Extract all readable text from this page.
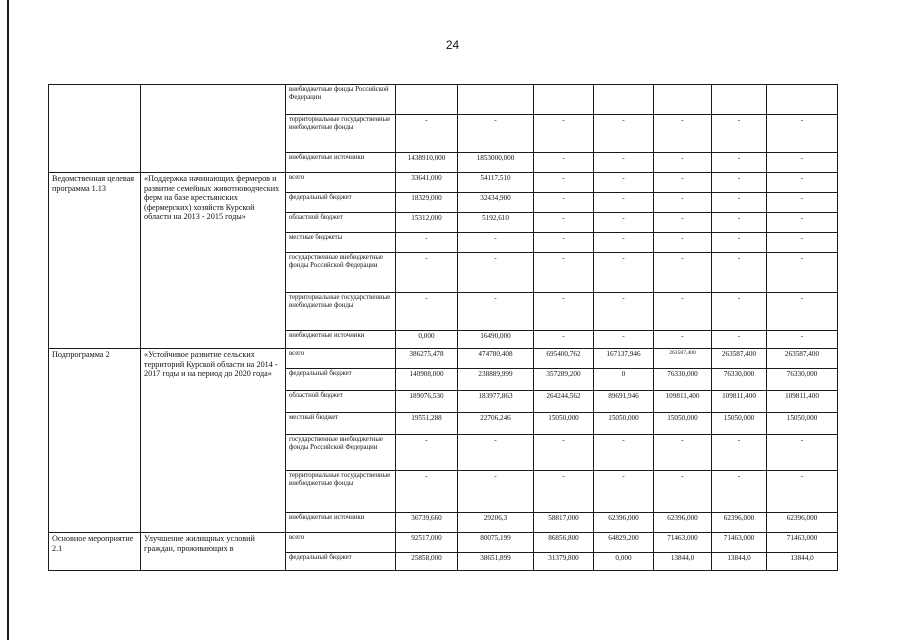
24
		внебюджетные фонды Российской Федерации							
		территориальные государственные внебюджетные фонды	-	-	-	-	-	-	-
		внебюджетные источники	1438910,000	1853000,000	-	-	-	-	-
Ведомственная целевая программа 1.13	«Поддержка начинающих фермеров и развитие семейных животноводческих ферм на базе крестьянских (фермерских) хозяйств Курской области на 2013 - 2015 годы»	всего	33641,000	54117,510	-	-	-	-	-
		федеральный бюджет	18329,000	32434,900	-	-	-	-	-
		областной бюджет	15312,000	5192,610	-	-	-	-	-
		местные бюджеты	-	-	-	-	-	-	-
		государственные внебюджетные фонды Российской Федерации	-	-	-	-	-	-	-
		территориальные государственные внебюджетные фонды	-	-	-	-	-	-	-
		внебюджетные источники	0,000	16490,000	-	-	-	-	-
Подпрограмма 2	«Устойчивое развитие сельских территорий Курской области на 2014 - 2017 годы и на период до 2020 года»	всего	386275,478	474780,408	695400,762	167137,946	263587,400	263587,400	263587,400
		федеральный бюджет	140908,000	238889,999	357289,200	0	76330,000	76330,000	76330,000
		областной бюджет	189076,530	183977,863	264244,562	89691,946	109811,400	109811,400	109811,400
		местный бюджет	19551,288	22706,246	15050,000	15050,000	15050,000	15050,000	15050,000
		государственные внебюджетные фонды Российской Федерации	-	-	-	-	-	-	-
		территориальные государственные внебюджетные фонды	-	-	-	-	-	-	-
		внебюджетные источники	36739,660	29206,3	58817,000	62396,000	62396,000	62396,000	62396,000
Основное мероприятие 2.1	Улучшение жилищных условий граждан, проживающих в	всего	92517,000	80075,199	86856,800	64829,200	71463,000	71463,000	71463,000
		федеральный бюджет	25858,000	38651,899	31379,800	0,000	13844,0	13844,0	13844,0
